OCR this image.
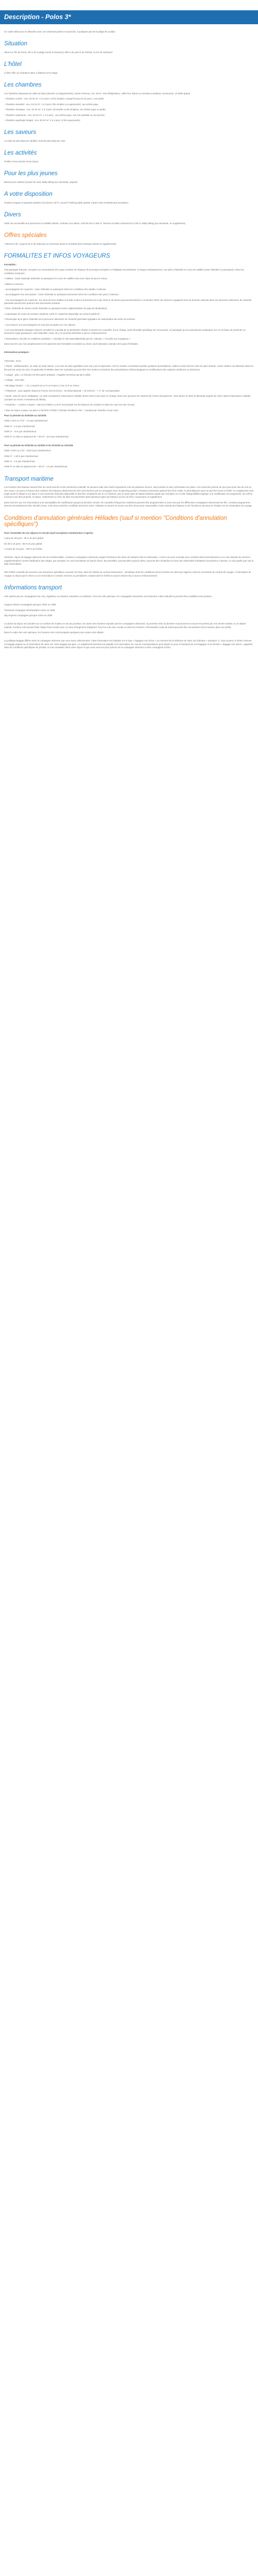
Description - Polos 3*

Un cadre idéal pour se détendre avec son charmant jardin et sa piscine, à quelques pas de la plage de Livadia.

Situation

Situé sur l'île de Paros, 50 m de la plage (route à traverser), 500 m du port et de Parikia, 11 km de l'aéroport.

L'hôtel

L'hôtel offre 42 chambres dans 1 bâtiment d'un étage.

Les chambres

Les chambres disposent de salle de bains (douche ou baignoire/WC), sèche-cheveux, A/C, Wi-Fi, mini-réfrigérateur, coffre-fort, balcon ou terrasse (certaines communes). Lit bébé gratuit.

- Chambre confort : env. 20-22 m², 1 à 3 pers. (2 lits simples, canapé-lit pour la 3e pers.), vue jardin.

- Chambre standard : env. 22-24 m², 1 à 3 pers. (lits simples ou superposés), vue arrière-pays.

- Chambre classique : env. 22-24 m², 1 à 2 pers. (lit double ou lits simples), vue arrière-pays ou jardin.

- Chambre supérieure : env. 22-24 m², 1 à 2 pers., vue arrière-pays, vue mer partielle ou vue piscine.

- Chambre quadruple budget : env. 20-22 m², 2 à 4 pers. (2 lits superposés).

Les saveurs

La salle de petit déjeuner (buffet), formule petit déjeuner. Bar.

Les activités

Profitez d'une piscine d'eau douce.

Pour les plus jeunes

Bassin pour enfants (à partir de mai). Baby-sitting (sur demande, payant).

A votre disposition

Chaises longues et parasols gratuits à la piscine. Wi-Fi, accueil. Parking public gratuit. Cartes Visa et Mastercard acceptées.

Divers

Hôtel non accessible aux personnes à mobilité réduite. Animaux non admis. Arrêt de bus à 300 m. Taverne et petits commerces à 100 m. Baby-sitting (sur demande, en supplément).

Offres spéciales

• Réserver tôt : jusqu'à 15 % de réduction en réservant avant le 31/03/26 (hors transport aérien et suppléments).

FORMALITES ET INFOS VOYAGEURS

Formalités :

Tout passager français, européen ou ressortissant d'un pays membre de l'Espace Économique Européen a l'obligation de présenter, à chaque embarquement, une pièce d'identité en cours de validité (carte d'identité ou passeport), selon les conditions suivantes :

• Adultes : Carte nationale d'identité ou passeport en cours de validité et/ou avec date de pour le retour.

• Bébés et mineurs :

- accompagnés de 2 parents : carte d'identité ou passeport selon les conditions des adultes ci-dessus.

- accompagnés d'un seul parent : Carte d'identité ou passeport personnel selon les conditions des parci-ci-dessus.

- non accompagnés de 2 parents : En vertu de la loi relative à la lutte contre le terrorisme du 3 juin 2016 et du décret gouvernemental du 2 novembre 2016, les mineurs voyageant hors du territoire national sans une personne détentrice de l'autorité parentale doivent être porteurs des documents suivants :

• Pièce d'identité du mineur (carte d'identité ou passeport selon réglementation du pays de destination)

• Autorisation de sortie du territoire (imprimé Cerfa N° 15646*01 disponible sur service-public.fr)

• Photocopie de la pièce d'identité de la personne détentrice de l'autorité parentale signataire de l'autorisation de sortie du territoire.

- Les mineurs non-accompagnés ne sont pas acceptés sur nos séjours.

• Les ressortissants étrangers doivent consulter le consulat de la destination choisie et doivent se conseiller, à leur charge, toute formalité spécifique les concernant. Un passager qui ne pourrait pas embarquer sur un vol faute de présenter un document exigé (passeport, carte d'identité, visas, etc.) ne pourrait prétendre à aucun remboursement.

• Informations, sécurité et conditions sanitaires : consultez le site www.diplomatie.gouv.fr, rubrique « Conseils aux voyageurs »

Dans tous les cas, l'accomplissement et le paiement des formalités incombent au client, sauf indication contraire de la part d'Héliades.

Informations pratiques :

• Monnaie : Euro

• Climat : méditerranéen, se visite en toute saison. Les mois les plus agréables sont mai, juin et septembre. Avril et octobre connaissent parfois quelques perturbations. Juillet et août sont les mois les plus chauds, certes chaleur est atténuée dans les îles par les vents du nord, en particulier le Meltem dans les Cyclades qui peut être très violent et entraîner des perturbations météorologiques et modifications des rotations maritimes ou aériennes.

• Langue : grec. Le français est très guère pratiqué ; l'anglais est beaucoup plus utilisé.

• Voltage : 220 volts.

• Décalage horaire : + 1h. Lorsqu'il est 12 h en France, il est 13 h en Grèce.

• Téléphone : pour appeler depuis la France vers la Grèce : 00 (international) + 30 (Grèce) – + n° de correspondant.

• Santé : pas de vaccin obligatoire. La carte européenne d'assurance maladie donne droit à une prise en charge mais ceux qui pour les citoyens de l'Union Européenne. Vous devez en faire la demande auprès de votre caisse d'assurance maladie (compter au moins 2 semaines de délais).

• Pourboire : « service compris » dans les hôtels, tu ne le sont jamais sur les bateaux de croisière et dans les cars lors des circuits.

• Taxe de séjour à payer sur place à l'arrivée à l'hôtel ("Climate Resilience Tax" : montant par chambre et par nuit) :

Pour la période du 01/04/26 au 31/10/26

Hôtel 4 clés ou 1*/2* : 2 € par chambre/nuit

Hôtel 3* : 5 € par chambre/nuit

Hôtel 4* : 10 € par chambre/nuit

Hôtel 5* ou villa ou logement de + 80 m² : 15 € par chambre/nuit

Pour la période du 01/01/26 au 31/3/26 et du 01/11/26 au 31/12/26

Hôtel 4 clés ou 1*/2* : 0,50 € par chambre/nuit

Hôtel 3* : 1,50 € par chambre/nuit

Hôtel 4* : 3 € par chambre/nuit

Hôtel 5* ou villa ou logement de + 80 m² : 4 € par chambre/nuit

Transport maritime

Les horaires des bateaux doivent être les seuls donnés à titre strictement indicatif. Ils peuvent subir des écarts importants voire de plusieurs heures, sans préavis et avec information sur place. Une traversée prévue de jour peut avoir lieu de nuit ou vice versa. Les jours et heures des rotations des bateaux désservent les îles sont fournies par la compagnie avec le planning produit. Certaines traversées partent très tôt le matin, le petit déjeuner peut ne pas être fourni à l'hôtel. Un supplément sera exigé avant le départ si sur place si une traversée était plus disponible et doit être remplacée par un vol intérieur, par un autre type de bateau (bateau rapide par exemple) ou si cette indisponibilité implique une modification du programme. De même il pourra vous être proposé, en place, notamment un vélo, de faire les traversées dans plusieurs types de bateaux au lieu du ferry, moyennant un supplément.

Dans tous les cas, les réservations sont susceptibles de modification jusqu'à la dernière minute. De nouvelles fréquences maritimes peuvent être programmées à notre insu par les différentes compagnies desservant les îles. Certains programmes devront éventuellement être décalés d'une, voire deux journées, modifiant ainsi leur ordre. Héliades ne pourra en aucun cas être tenue pour responsable ni des retards des bateaux et de l'incidence qui peut en résulter sur la continuation du voyage.

Conditions d'annulation générales Héliades (sauf si mention "Conditions d'annulation spécifiques")

Pour l'ensemble de nos séjours et circuits (sauf exceptions mentionnées ci-après) :

A plus de 30 jours : 35 % du prix global

De 30 à 15 jours : 85 % du prix global

A moins de 15 jours : 100 % du forfait

Attention, l'ajout de bagage optionnel est non remboursable. Certaines compagnies aériennes exigent l'émission des titres de transport dès la réservation, c'est le cas pour exemple pour certains tarifs promotionnels ou en cas d'achats de services supplémentaires comme l'attribution des sièges, par exemple. En cas d'annulation du fait du client, des pénalités, pouvant aller jusqu'à 100%, pourront être réclamées en plus des indemnités forfaitaires énumérées ci-dessus, et cela quelle que soit la date d'annulation.

HELIADES conseille de souscrire une assurance spécifique couvrant ces frais, dans les limites du contrat d'assurance : annulation dont les conditions seront remises au client par l'agence avant la conclusion du contrat de voyage. L'interruption de voyage ou séjour par le client ou sa renonciation à certains services ou prestations compris dans le forfait ne pourra donner lieu à aucun remboursement.

Informations transport

Vols opérés par les compagnies low cost, régulières ou charters suivantes ou similaires. Pour les vols spéciaux, les compagnies associées sont données à titre indicatif et peuvent être modifiées sans préavis :

Aegean Airlines Compagnie grecque créée en 1999

Transavia compagnie Néerlandaise créée en 1965

Sky Express compagnie grecque créée en 2005

La durée du séjour est calculée sur un nombre de nuitées et non de journées. En raison des horaires imposés par les compagnies aériennes, la première et/ou la dernière nuit peuvent se trouver écourtées par une arrivée tardive ou un départ matinal. Certains vols peuvent faire l'objet d'une escale avec ou sans changement d'appareil. Pour les vols avec escale et selon les horaires, d'éventuelles nuits de transit peuvent être nécessaires (hors incluses dans nos tarifs).

Dans le cadre des vols spéciaux, les horaires sont communiqués quelques jours avant votre départ.

La politique bagage diffère selon la compagnie aérienne que vous aurez sélectionnée. Cette information est indiquée sur le logo « bagages non inclus » au moment de la sélection de votre vol (rubrique « transport »). Vous pourrez à même réserver un bagage payant ou en réservation de votre vol, votre bagage par gare. Le supplément éventuel est payable à la réservation. En cas de correspondance pour lequel ou pour le transport de vos bagages si la mention « Bagage non inclus » apparaît dans les conditions spécifiques du produit, si vous souhaitez dans votre séjour et que vous vous est pour prévoir soi la compagnie aérienne à votre compagnie à bord.
